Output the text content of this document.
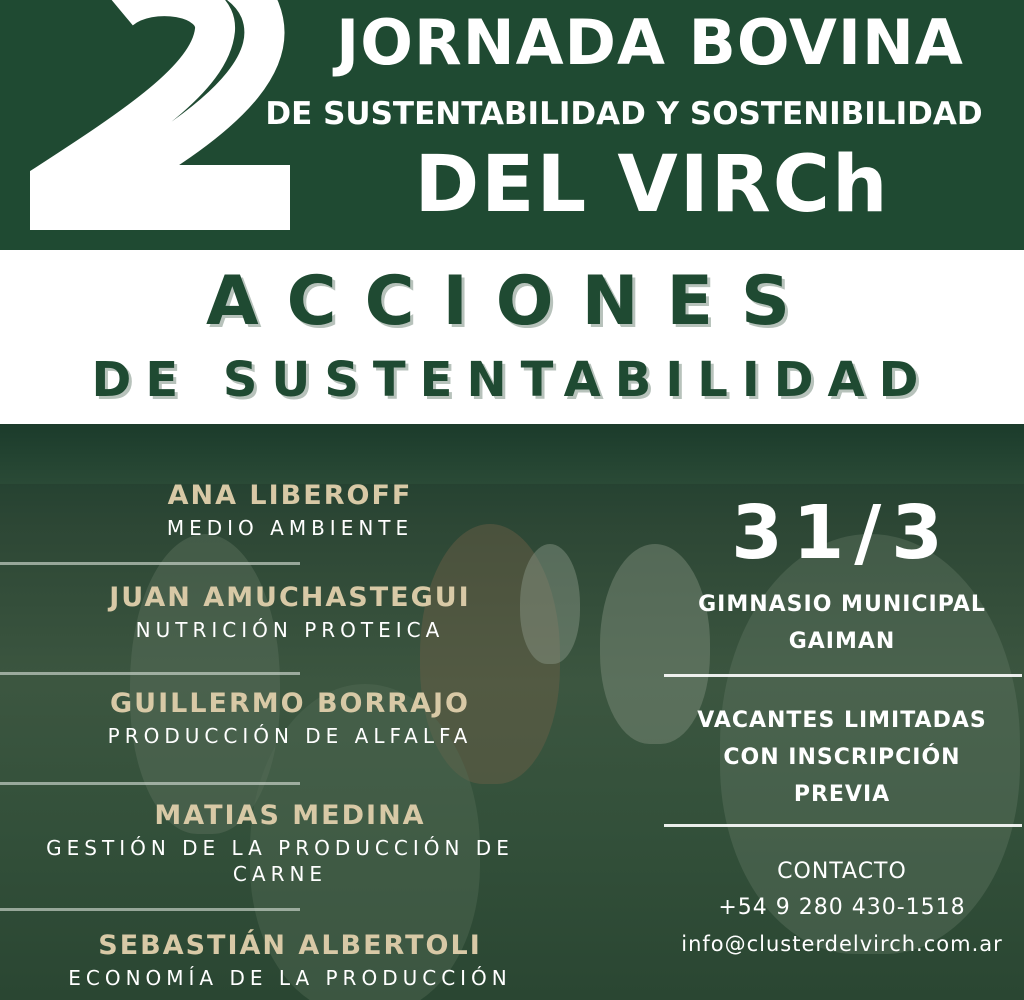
JORNADA BOVINA
DE SUSTENTABILIDAD Y SOSTENIBILIDAD
DEL VIRCh
ACCIONES
DE SUSTENTABILIDAD
ANA LIBEROFF
MEDIO AMBIENTE
JUAN AMUCHASTEGUI
NUTRICIÓN PROTEICA
GUILLERMO BORRAJO
PRODUCCIÓN DE ALFALFA
MATIAS MEDINA
GESTIÓN DE LA PRODUCCIÓN DE CARNE
SEBASTIÁN ALBERTOLI
ECONOMÍA DE LA PRODUCCIÓN
31/3
GIMNASIO MUNICIPAL
GAIMAN
VACANTES LIMITADAS
CON INSCRIPCIÓN
PREVIA
CONTACTO
+54 9 280 430-1518
info@clusterdelvirch.com.ar
